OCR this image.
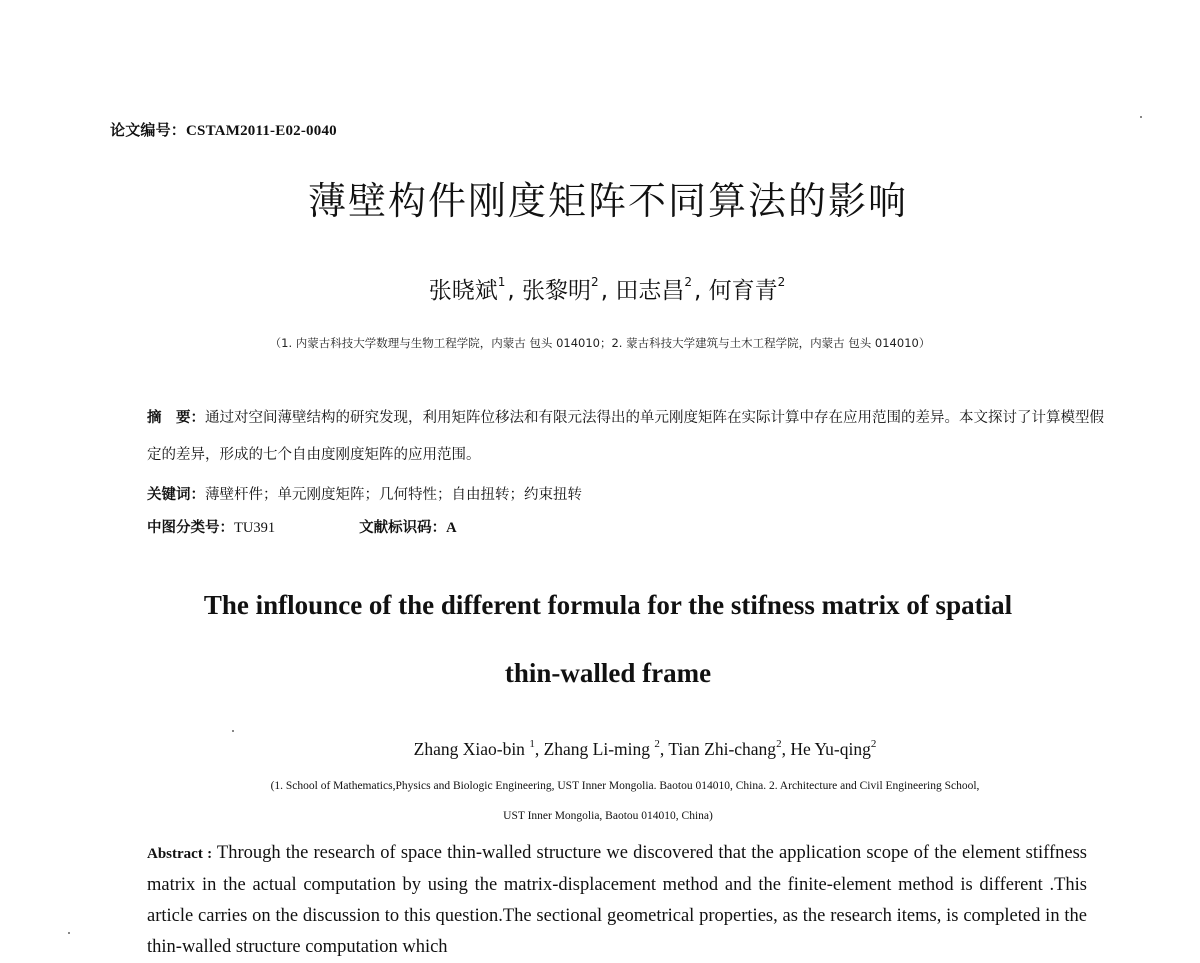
论文编号：CSTAM2011-E02-0040
薄壁构件刚度矩阵不同算法的影响
张晓斌$^1$, 张黎明$^2$, 田志昌$^2$, 何育青$^2$
（1. 内蒙古科技大学数理与生物工程学院，内蒙古 包头 014010；2. 蒙古科技大学建筑与土木工程学院，内蒙古 包头 014010）
摘　要：通过对空间薄壁结构的研究发现，利用矩阵位移法和有限元法得出的单元刚度矩阵在实际计算中存在应用范围的差异。本文探讨了计算模型假定的差异，形成的七个自由度刚度矩阵的应用范围。
关键词：薄壁杆件；单元刚度矩阵；几何特性；自由扭转；约束扭转
中图分类号：TU391	文献标识码：A
The inflounce of the different formula for the stifness matrix of spatial
thin-walled frame
Zhang Xiao-bin $^1$, Zhang Li-ming $^2$, Tian Zhi-chang$^2$, He Yu-qing$^2$
(1. School of Mathematics,Physics and Biologic Engineering, UST Inner Mongolia. Baotou 014010, China. 2. Architecture and Civil Engineering School,
UST Inner Mongolia, Baotou 014010, China)
Abstract : Through the research of space thin-walled structure we discovered that the application scope of the element stiffness matrix in the actual computation by using the matrix-displacement method and the finite-element method is different .This article carries on the discussion to this question.The sectional geometrical properties, as the research items, is completed in the thin-walled structure computation which
